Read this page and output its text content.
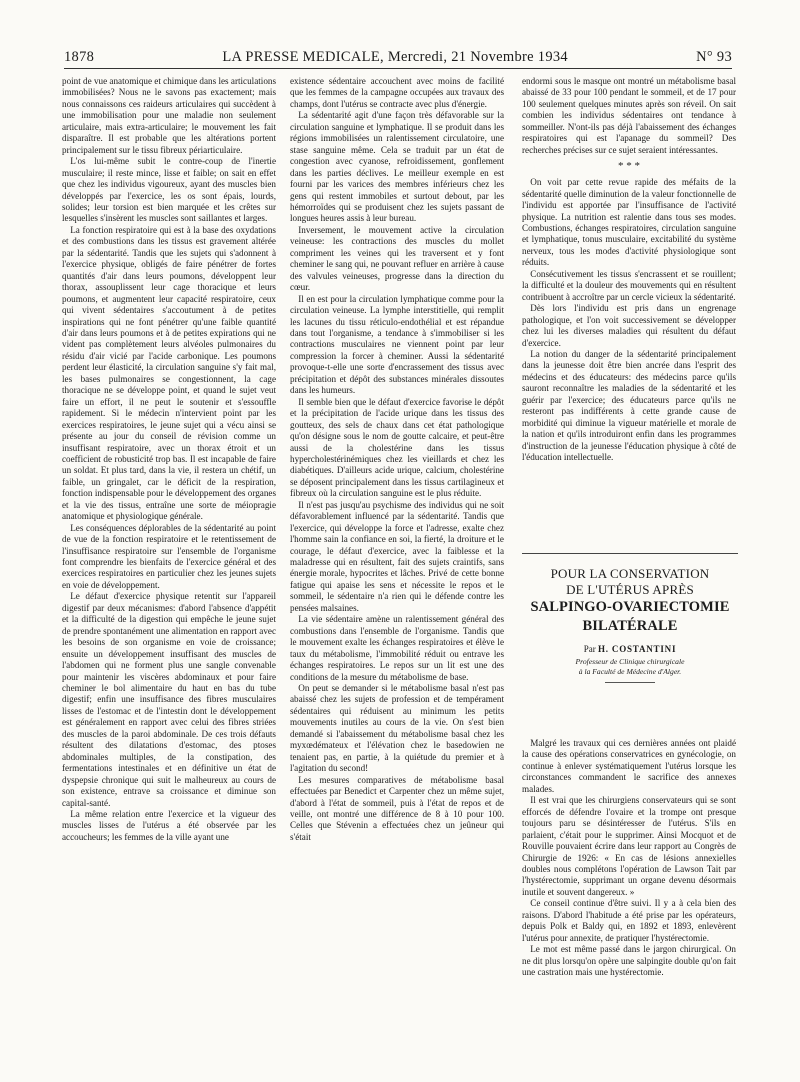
1878	LA PRESSE MEDICALE, Mercredi, 21 Novembre 1934	N° 93

point de vue anatomique et chimique dans les articulations immobilisées? Nous ne le savons pas exactement; mais nous connaissons ces raideurs articulaires qui succèdent à une immobilisation pour une maladie non seulement articulaire, mais extra-articulaire; le mouvement les fait disparaître. Il est probable que les altérations portent principalement sur le tissu fibreux périarticulaire.

L'os lui-même subit le contre-coup de l'inertie musculaire; il reste mince, lisse et faible; on sait en effet que chez les individus vigoureux, ayant des muscles bien développés par l'exercice, les os sont épais, lourds, solides; leur torsion est bien marquée et les crêtes sur lesquelles s'insèrent les muscles sont saillantes et larges.

La fonction respiratoire qui est à la base des oxydations et des combustions dans les tissus est gravement altérée par la sédentarité. Tandis que les sujets qui s'adonnent à l'exercice physique, obligés de faire pénétrer de fortes quantités d'air dans leurs poumons, développent leur thorax, assouplissent leur cage thoracique et leurs poumons, et augmentent leur capacité respiratoire, ceux qui vivent sédentaires s'accoutument à de petites inspirations qui ne font pénétrer qu'une faible quantité d'air dans leurs poumons et à de petites expirations qui ne vident pas complètement leurs alvéoles pulmonaires du résidu d'air vicié par l'acide carbonique. Les poumons perdent leur élasticité, la circulation sanguine s'y fait mal, les bases pulmonaires se congestionnent, la cage thoracique ne se développe point, et quand le sujet veut faire un effort, il ne peut le soutenir et s'essouffle rapidement. Si le médecin n'intervient point par les exercices respiratoires, le jeune sujet qui a vécu ainsi se présente au jour du conseil de révision comme un insuffisant respiratoire, avec un thorax étroit et un coefficient de robusticité trop bas. Il est incapable de faire un soldat. Et plus tard, dans la vie, il restera un chétif, un faible, un gringalet, car le déficit de la respiration, fonction indispensable pour le développement des organes et la vie des tissus, entraîne une sorte de méiopragie anatomique et physiologique générale.

Les conséquences déplorables de la sédentarité au point de vue de la fonction respiratoire et le retentissement de l'insuffisance respiratoire sur l'ensemble de l'organisme font comprendre les bienfaits de l'exercice général et des exercices respiratoires en particulier chez les jeunes sujets en voie de développement.

Le défaut d'exercice physique retentit sur l'appareil digestif par deux mécanismes: d'abord l'absence d'appétit et la difficulté de la digestion qui empêche le jeune sujet de prendre spontanément une alimentation en rapport avec les besoins de son organisme en voie de croissance; ensuite un développement insuffisant des muscles de l'abdomen qui ne forment plus une sangle convenable pour maintenir les viscères abdominaux et pour faire cheminer le bol alimentaire du haut en bas du tube digestif; enfin une insuffisance des fibres musculaires lisses de l'estomac et de l'intestin dont le développement est généralement en rapport avec celui des fibres striées des muscles de la paroi abdominale. De ces trois défauts résultent des dilatations d'estomac, des ptoses abdominales multiples, de la constipation, des fermentations intestinales et en définitive un état de dyspepsie chronique qui suit le malheureux au cours de son existence, entrave sa croissance et diminue son capital-santé.

La même relation entre l'exercice et la vigueur des muscles lisses de l'utérus a été observée par les accoucheurs; les femmes de la ville ayant une

existence sédentaire accouchent avec moins de facilité que les femmes de la campagne occupées aux travaux des champs, dont l'utérus se contracte avec plus d'énergie.

La sédentarité agit d'une façon très défavorable sur la circulation sanguine et lymphatique. Il se produit dans les régions immobilisées un ralentissement circulatoire, une stase sanguine même. Cela se traduit par un état de congestion avec cyanose, refroidissement, gonflement dans les parties déclives. Le meilleur exemple en est fourni par les varices des membres inférieurs chez les gens qui restent immobiles et surtout debout, par les hémorroïdes qui se produisent chez les sujets passant de longues heures assis à leur bureau.

Inversement, le mouvement active la circulation veineuse: les contractions des muscles du mollet compriment les veines qui les traversent et y font cheminer le sang qui, ne pouvant refluer en arrière à cause des valvules veineuses, progresse dans la direction du cœur.

Il en est pour la circulation lymphatique comme pour la circulation veineuse. La lymphe interstitielle, qui remplit les lacunes du tissu réticulo-endothélial et est répandue dans tout l'organisme, a tendance à s'immobiliser si les contractions musculaires ne viennent point par leur compression la forcer à cheminer. Aussi la sédentarité provoque-t-elle une sorte d'encrassement des tissus avec précipitation et dépôt des substances minérales dissoutes dans les humeurs.

Il semble bien que le défaut d'exercice favorise le dépôt et la précipitation de l'acide urique dans les tissus des goutteux, des sels de chaux dans cet état pathologique qu'on désigne sous le nom de goutte calcaire, et peut-être aussi de la cholestérine dans les tissus hypercholestérinémiques chez les vieillards et chez les diabétiques. D'ailleurs acide urique, calcium, cholestérine se déposent principalement dans les tissus cartilagineux et fibreux où la circulation sanguine est le plus réduite.

Il n'est pas jusqu'au psychisme des individus qui ne soit défavorablement influencé par la sédentarité. Tandis que l'exercice, qui développe la force et l'adresse, exalte chez l'homme sain la confiance en soi, la fierté, la droiture et le courage, le défaut d'exercice, avec la faiblesse et la maladresse qui en résultent, fait des sujets craintifs, sans énergie morale, hypocrites et lâches. Privé de cette bonne fatigue qui apaise les sens et nécessite le repos et le sommeil, le sédentaire n'a rien qui le défende contre les pensées malsaines.

La vie sédentaire amène un ralentissement général des combustions dans l'ensemble de l'organisme. Tandis que le mouvement exalte les échanges respiratoires et élève le taux du métabolisme, l'immobilité réduit ou entrave les échanges respiratoires. Le repos sur un lit est une des conditions de la mesure du métabolisme de base.

On peut se demander si le métabolisme basal n'est pas abaissé chez les sujets de profession et de tempérament sédentaires qui réduisent au minimum les petits mouvements inutiles au cours de la vie. On s'est bien demandé si l'abaissement du métabolisme basal chez les myxœdémateux et l'élévation chez le basedowien ne tenaient pas, en partie, à la quiétude du premier et à l'agitation du second!

Les mesures comparatives de métabolisme basal effectuées par Benedict et Carpenter chez un même sujet, d'abord à l'état de sommeil, puis à l'état de repos et de veille, ont montré une différence de 8 à 10 pour 100. Celles que Stévenin a effectuées chez un jeûneur qui s'était

endormi sous le masque ont montré un métabolisme basal abaissé de 33 pour 100 pendant le sommeil, et de 17 pour 100 seulement quelques minutes après son réveil. On sait combien les individus sédentaires ont tendance à sommeiller. N'ont-ils pas déjà l'abaissement des échanges respiratoires qui est l'apanage du sommeil? Des recherches précises sur ce sujet seraient intéressantes.

* * *

On voit par cette revue rapide des méfaits de la sédentarité quelle diminution de la valeur fonctionnelle de l'individu est apportée par l'insuffisance de l'activité physique. La nutrition est ralentie dans tous ses modes. Combustions, échanges respiratoires, circulation sanguine et lymphatique, tonus musculaire, excitabilité du système nerveux, tous les modes d'activité physiologique sont réduits.

Consécutivement les tissus s'encrassent et se rouillent; la difficulté et la douleur des mouvements qui en résultent contribuent à accroître par un cercle vicieux la sédentarité.

Dès lors l'individu est pris dans un engrenage pathologique, et l'on voit successivement se développer chez lui les diverses maladies qui résultent du défaut d'exercice.

La notion du danger de la sédentarité principalement dans la jeunesse doit être bien ancrée dans l'esprit des médecins et des éducateurs: des médecins parce qu'ils sauront reconnaître les maladies de la sédentarité et les guérir par l'exercice; des éducateurs parce qu'ils ne resteront pas indifférents à cette grande cause de morbidité qui diminue la vigueur matérielle et morale de la nation et qu'ils introduiront enfin dans les programmes d'instruction de la jeunesse l'éducation physique à côté de l'éducation intellectuelle.

POUR LA CONSERVATION
DE L'UTÉRUS APRÈS
SALPINGO-OVARIECTOMIE
BILATÉRALE
Par H. COSTANTINI
Professeur de Clinique chirurgicale
à la Faculté de Médecine d'Alger.

Malgré les travaux qui ces dernières années ont plaidé la cause des opérations conservatrices en gynécologie, on continue à enlever systématiquement l'utérus lorsque les circonstances commandent le sacrifice des annexes malades.

Il est vrai que les chirurgiens conservateurs qui se sont efforcés de défendre l'ovaire et la trompe ont presque toujours paru se désintéresser de l'utérus. S'ils en parlaient, c'était pour le supprimer. Ainsi Mocquot et de Rouville pouvaient écrire dans leur rapport au Congrès de Chirurgie de 1926: « En cas de lésions annexielles doubles nous complétons l'opération de Lawson Tait par l'hystérectomie, supprimant un organe devenu désormais inutile et souvent dangereux. »

Ce conseil continue d'être suivi. Il y a à cela bien des raisons. D'abord l'habitude a été prise par les opérateurs, depuis Polk et Baldy qui, en 1892 et 1893, enlevèrent l'utérus pour annexite, de pratiquer l'hystérectomie.

Le mot est même passé dans le jargon chirurgical. On ne dit plus lorsqu'on opère une salpingite double qu'on fait une castration mais une hystérectomie.
